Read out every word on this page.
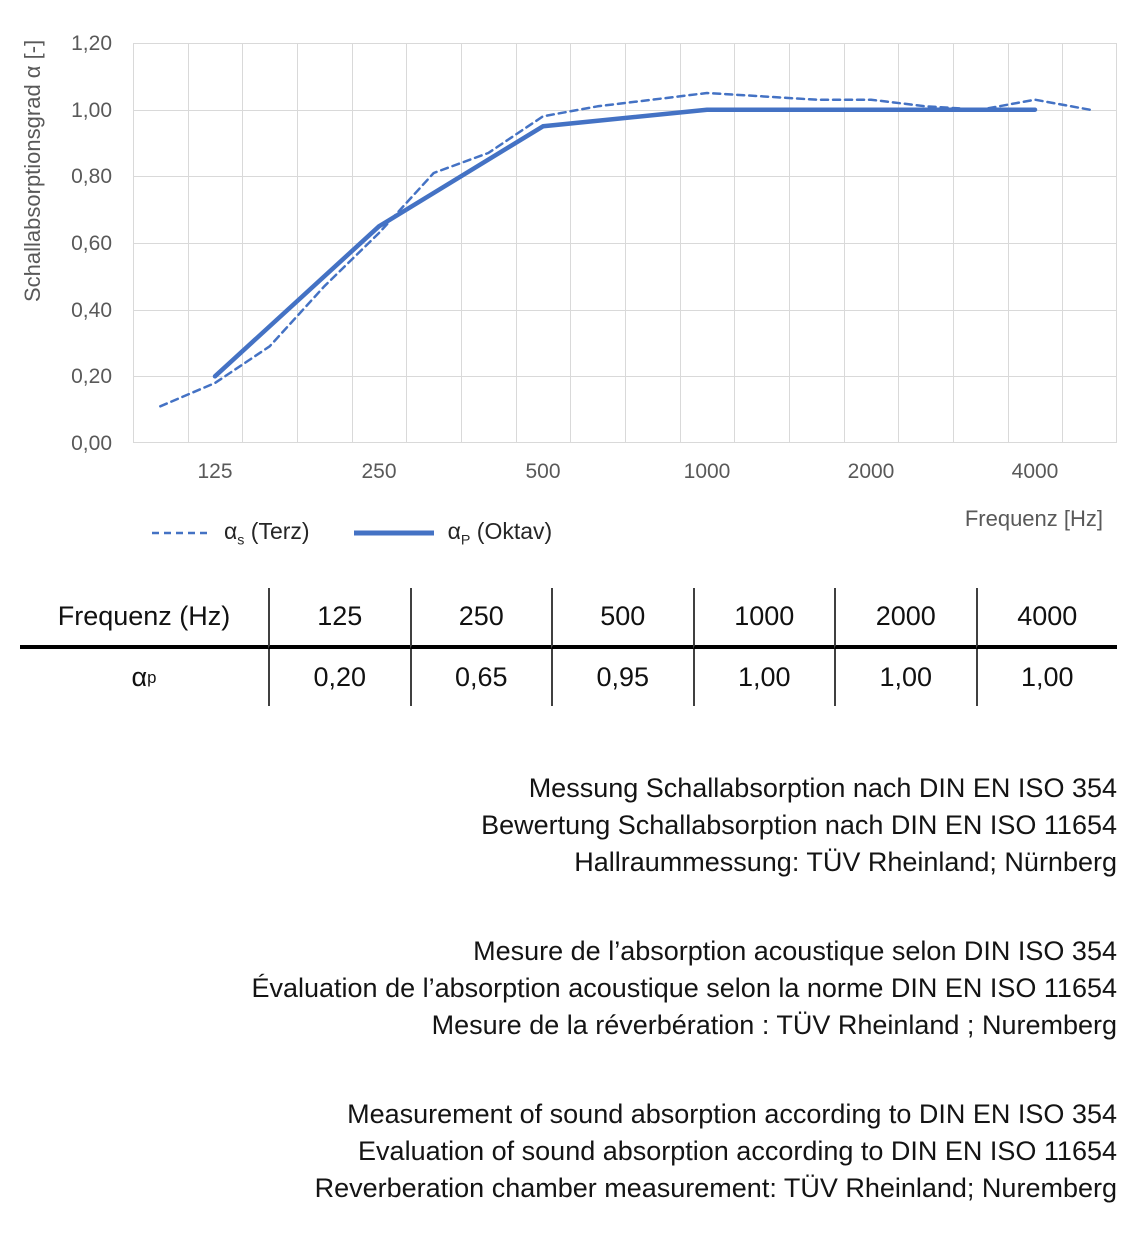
Schallabsorptionsgrad α [-]
0,00
0,20
0,40
0,60
0,80
1,00
1,20
125	250	500	1000	2000	4000
Frequenz [Hz]
$\alpha_s$ (Terz)	$\alpha_P$ (Oktav)
Frequenz (Hz)	125	250	500	1000	2000	4000
α p	0,20	0,65	0,95	1,00	1,00	1,00
Messung Schallabsorption nach DIN EN ISO 354
Bewertung Schallabsorption nach DIN EN ISO 11654
Hallraummessung: TÜV Rheinland; Nürnberg
Mesure de l’absorption acoustique selon DIN ISO 354
Évaluation de l’absorption acoustique selon la norme DIN EN ISO 11654
Mesure de la réverbération : TÜV Rheinland ; Nuremberg
Measurement of sound absorption according to DIN EN ISO 354
Evaluation of sound absorption according to DIN EN ISO 11654
Reverberation chamber measurement: TÜV Rheinland; Nuremberg
